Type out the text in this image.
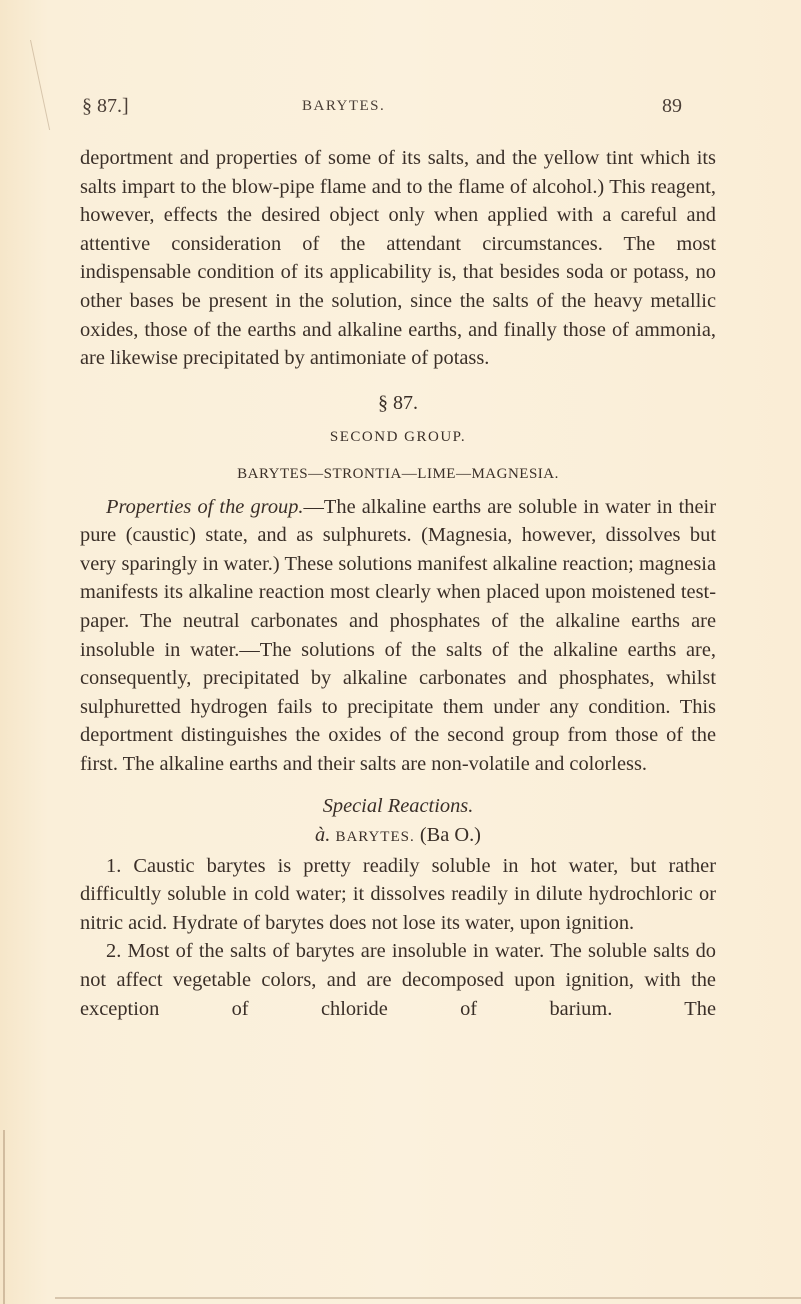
§ 87.]	BARYTES.	89

deportment and properties of some of its salts, and the yellow tint which its salts impart to the blow-pipe flame and to the flame of alcohol.) This reagent, however, effects the desired object only when applied with a careful and attentive consideration of the attendant circumstances. The most indispensable condition of its applicability is, that besides soda or potass, no other bases be present in the solution, since the salts of the heavy metallic oxides, those of the earths and alkaline earths, and finally those of ammonia, are likewise precipitated by antimoniate of potass.

§ 87.
SECOND GROUP.
BARYTES—STRONTIA—LIME—MAGNESIA.

Properties of the group.—The alkaline earths are soluble in water in their pure (caustic) state, and as sulphurets. (Magnesia, however, dissolves but very sparingly in water.) These solutions manifest alkaline reaction; magnesia manifests its alkaline reaction most clearly when placed upon moistened test-paper. The neutral carbonates and phosphates of the alkaline earths are insoluble in water.—The solutions of the salts of the alkaline earths are, consequently, precipitated by alkaline carbonates and phosphates, whilst sulphuretted hydrogen fails to precipitate them under any condition. This deportment distinguishes the oxides of the second group from those of the first. The alkaline earths and their salts are non-volatile and colorless.

Special Reactions.
à. BARYTES. (Ba O.)

1. Caustic barytes is pretty readily soluble in hot water, but rather difficultly soluble in cold water; it dissolves readily in dilute hydrochloric or nitric acid. Hydrate of barytes does not lose its water, upon ignition.

2. Most of the salts of barytes are insoluble in water. The soluble salts do not affect vegetable colors, and are decomposed upon ignition, with the exception of chloride of barium. The
